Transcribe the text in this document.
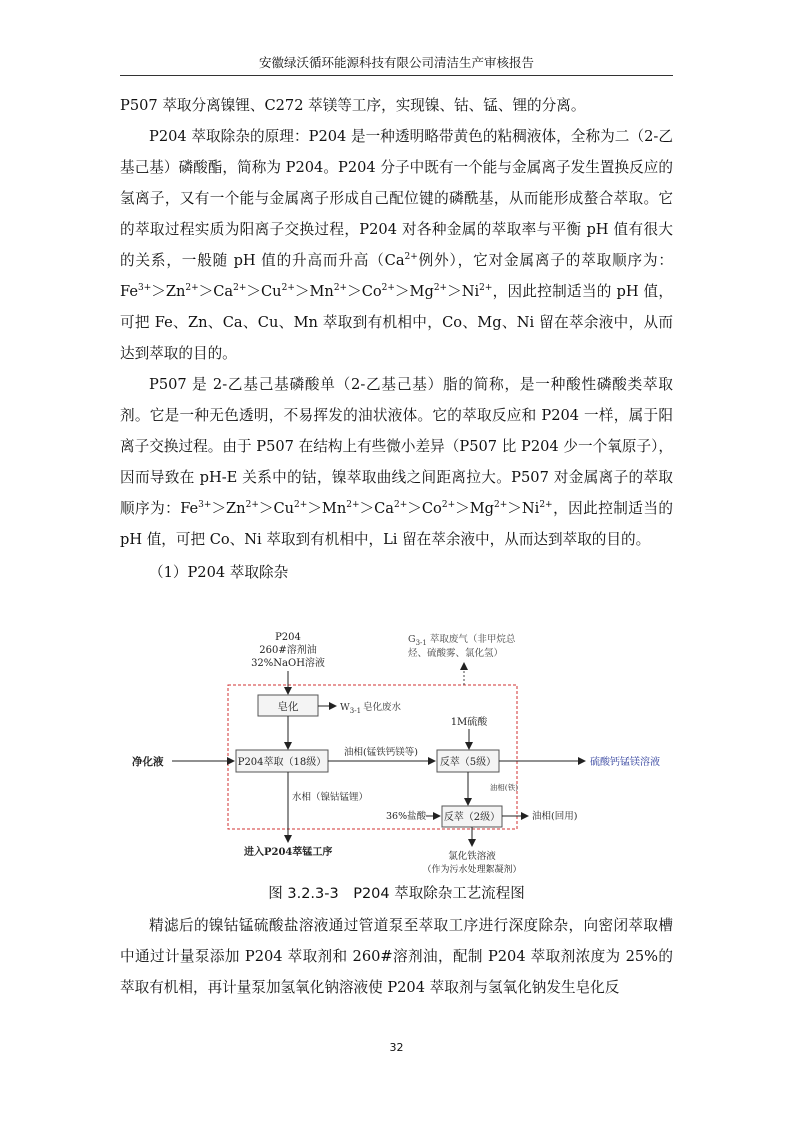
安徽绿沃循环能源科技有限公司清洁生产审核报告

P507 萃取分离镍锂、C272 萃镁等工序，实现镍、钴、锰、锂的分离。

P204 萃取除杂的原理：P204 是一种透明略带黄色的粘稠液体，全称为二（2-乙基己基）磷酸酯，简称为 P204。P204 分子中既有一个能与金属离子发生置换反应的氢离子，又有一个能与金属离子形成自己配位键的磷酰基，从而能形成螯合萃取。它的萃取过程实质为阳离子交换过程，P204 对各种金属的萃取率与平衡 pH 值有很大的关系，一般随 pH 值的升高而升高（$Ca^{2+}$例外），它对金属离子的萃取顺序为：$Fe^{3+}>Zn^{2+}>Ca^{2+}>Cu^{2+}>Mn^{2+}>Co^{2+}>Mg^{2+}>Ni^{2+}$，因此控制适当的 pH 值，可把 Fe、Zn、Ca、Cu、Mn 萃取到有机相中，Co、Mg、Ni 留在萃余液中，从而达到萃取的目的。

P507 是 2-乙基己基磷酸单（2-乙基己基）脂的简称，是一种酸性磷酸类萃取剂。它是一种无色透明，不易挥发的油状液体。它的萃取反应和 P204 一样，属于阳离子交换过程。由于 P507 在结构上有些微小差异（P507 比 P204 少一个氧原子），因而导致在 pH-E 关系中的钴，镍萃取曲线之间距离拉大。P507 对金属离子的萃取顺序为：$Fe^{3+}>Zn^{2+}>Cu^{2+}>Mn^{2+}>Ca^{2+}>Co^{2+}>Mg^{2+}>Ni^{2+}$，因此控制适当的 pH 值，可把 Co、Ni 萃取到有机相中，Li 留在萃余液中，从而达到萃取的目的。

（1）P204 萃取除杂

P204
260#溶剂油
32%NaOH溶液
$G_{3-1}$ 萃取废气（非甲烷总
烃、硫酸雾、氯化氢）
皂化	$W_{3-1}$ 皂化废水
1M硫酸
净化液	P204萃取（18级）
油相(锰铁钙镁等)
反萃（5级）	硫酸钙锰镁溶液
水相（镍钴锰锂）
进入P204萃锰工序
油相(铁)
36%盐酸 反萃（2级）	油相(回用)
氯化铁溶液
（作为污水处理絮凝剂）
图 3.2.3-3　P204 萃取除杂工艺流程图

精滤后的镍钴锰硫酸盐溶液通过管道泵至萃取工序进行深度除杂，向密闭萃取槽中通过计量泵添加 P204 萃取剂和 260#溶剂油，配制 P204 萃取剂浓度为 25%的萃取有机相，再计量泵加氢氧化钠溶液使 P204 萃取剂与氢氧化钠发生皂化反

32
